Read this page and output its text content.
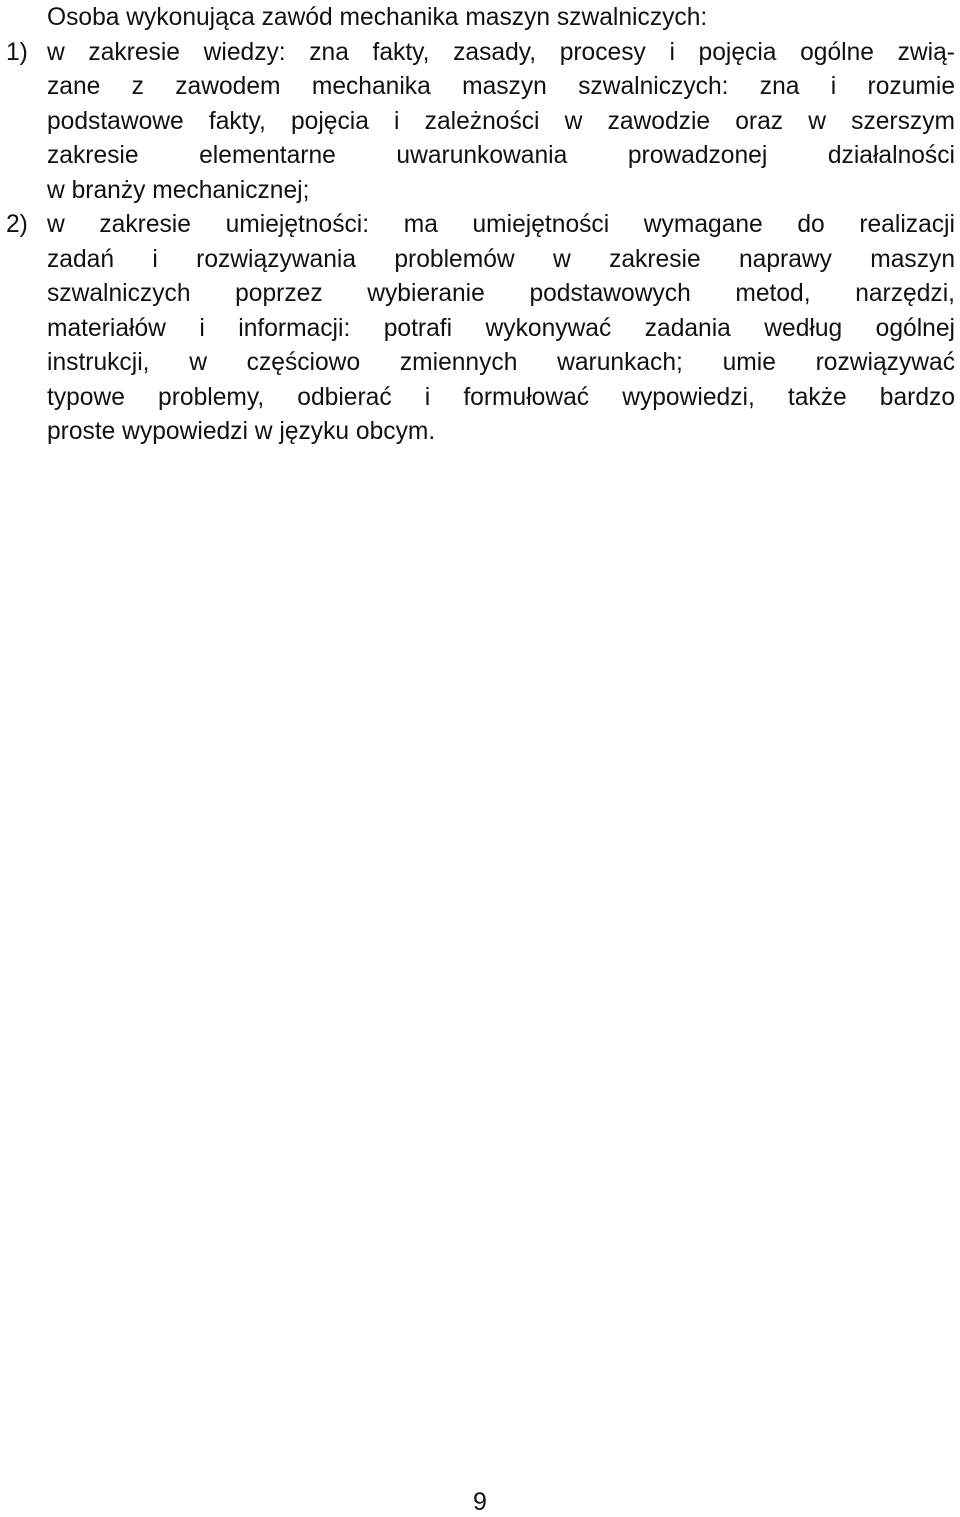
Osoba wykonująca zawód mechanika maszyn szwalniczych:
1) w zakresie wiedzy: zna fakty, zasady, procesy i pojęcia ogólne zwią-
zane z zawodem mechanika maszyn szwalniczych: zna i rozumie
podstawowe fakty, pojęcia i zależności w zawodzie oraz w szerszym
zakresie elementarne uwarunkowania prowadzonej działalności
w branży mechanicznej;
2) w zakresie umiejętności: ma umiejętności wymagane do realizacji
zadań i rozwiązywania problemów w zakresie naprawy maszyn
szwalniczych poprzez wybieranie podstawowych metod, narzędzi,
materiałów i informacji: potrafi wykonywać zadania według ogólnej
instrukcji, w częściowo zmiennych warunkach; umie rozwiązywać
typowe problemy, odbierać i formułować wypowiedzi, także bardzo
proste wypowiedzi w języku obcym.
9
